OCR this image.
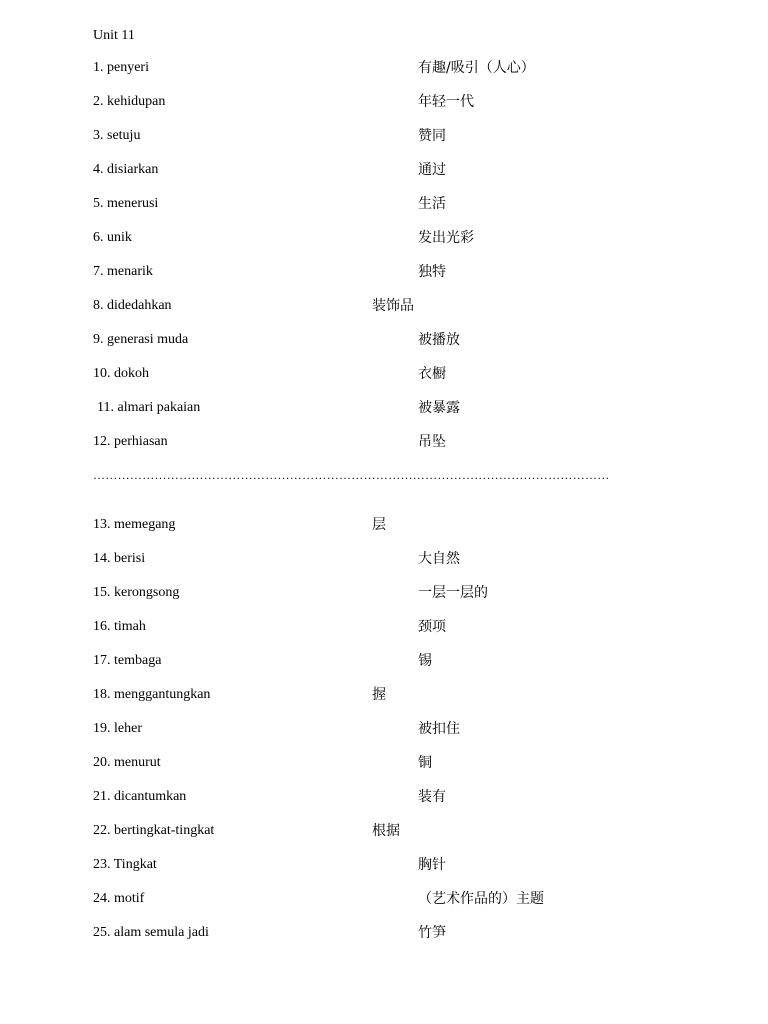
Unit 11
1. penyeri	有趣/吸引（人心）
2. kehidupan	年轻一代
3. setuju	赞同
4. disiarkan	通过
5. menerusi	生活
6. unik	发出光彩
7. menarik	独特
8. didedahkan	装饰品
9. generasi muda	被播放
10. dokoh	衣橱
11. almari pakaian	被暴露
12. perhiasan	吊坠
………………………………………………………………………………………………………………
13. memegang	层
14. berisi	大自然
15. kerongsong	一层一层的
16. timah	颈项
17. tembaga	锡
18. menggantungkan	握
19. leher	被扣住
20. menurut	铜
21. dicantumkan	装有
22. bertingkat-tingkat	根据
23. Tingkat	胸针
24. motif	（艺术作品的）主题
25. alam semula jadi	竹笋
